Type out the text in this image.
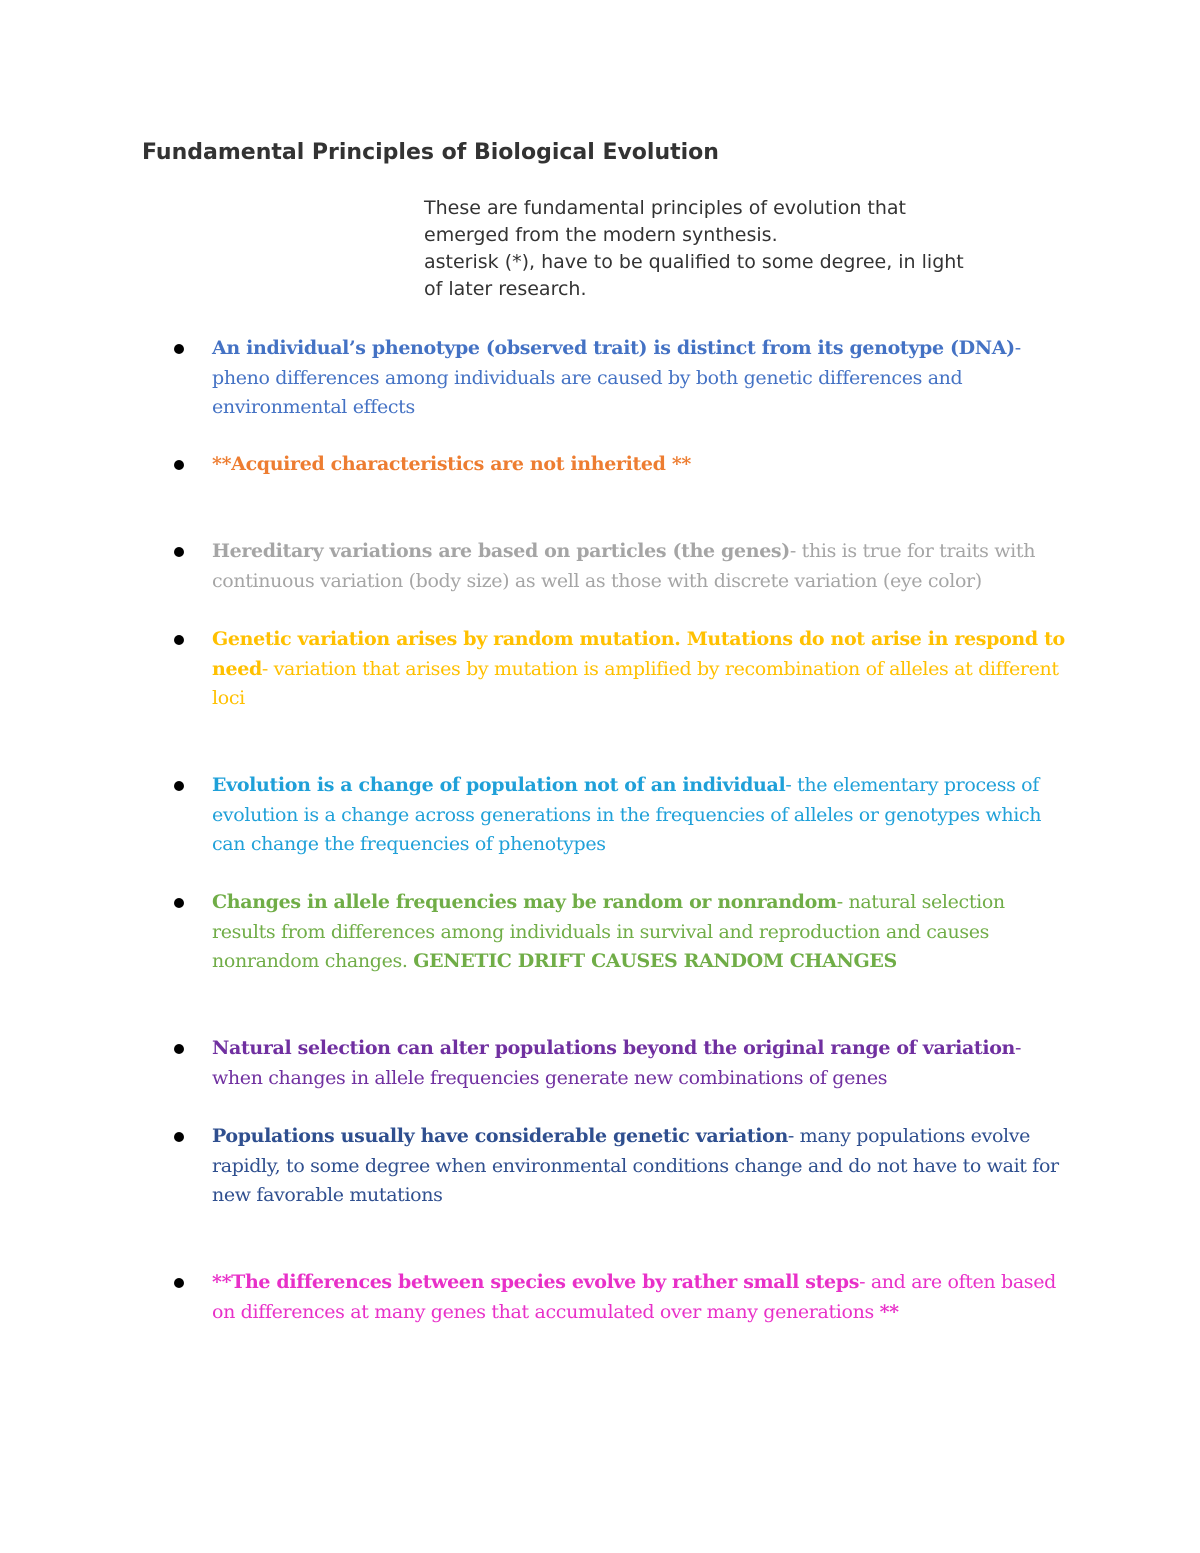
Fundamental Principles of Biological Evolution
These are fundamental principles of evolution that
emerged from the modern synthesis.
asterisk (*), have to be qualified to some degree, in light
of later research.
An individual’s phenotype (observed trait) is distinct from its genotype (DNA)- pheno differences among individuals are caused by both genetic differences and environmental effects
**Acquired characteristics are not inherited **
Hereditary variations are based on particles (the genes)- this is true for traits with continuous variation (body size) as well as those with discrete variation (eye color)
Genetic variation arises by random mutation. Mutations do not arise in respond to need- variation that arises by mutation is amplified by recombination of alleles at different loci
Evolution is a change of population not of an individual- the elementary process of evolution is a change across generations in the frequencies of alleles or genotypes which can change the frequencies of phenotypes
Changes in allele frequencies may be random or nonrandom- natural selection results from differences among individuals in survival and reproduction and causes nonrandom changes. GENETIC DRIFT CAUSES RANDOM CHANGES
Natural selection can alter populations beyond the original range of variation- when changes in allele frequencies generate new combinations of genes
Populations usually have considerable genetic variation- many populations evolve rapidly, to some degree when environmental conditions change and do not have to wait for new favorable mutations
**The differences between species evolve by rather small steps- and are often based on differences at many genes that accumulated over many generations **
